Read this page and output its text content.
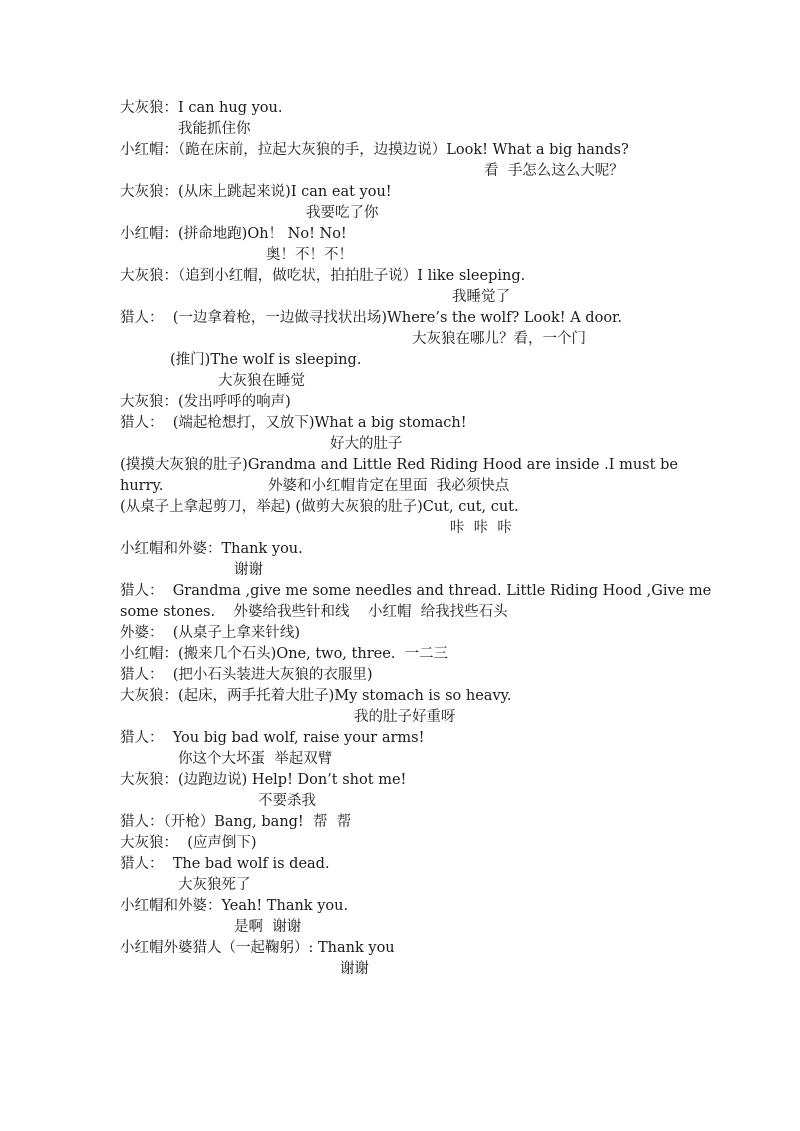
大灰狼：I can hug you.
我能抓住你
小红帽：（跪在床前，拉起大灰狼的手，边摸边说）Look! What a big hands?
看  手怎么这么大呢？
大灰狼：(从床上跳起来说)I can eat you!
我要吃了你
小红帽：(拼命地跑)Oh！ No! No!
奥！不！不！
大灰狼：（追到小红帽，做吃状，拍拍肚子说）I like sleeping.
我睡觉了
猎人：  (一边拿着枪，一边做寻找状出场)Where’s the wolf? Look! A door.
大灰狼在哪儿？看，一个门
(推门)The wolf is sleeping.
大灰狼在睡觉
大灰狼：(发出呼呼的响声)
猎人：  (端起枪想打，又放下)What a big stomach!
好大的肚子
(摸摸大灰狼的肚子)Grandma and Little Red Riding Hood are inside .I must be
hurry.	外婆和小红帽肯定在里面  我必须快点
(从桌子上拿起剪刀，举起) (做剪大灰狼的肚子)Cut, cut, cut.
咔  咔  咔
小红帽和外婆：Thank you.
谢谢
猎人：  Grandma ,give me some needles and thread. Little Riding Hood ,Give me
some stones.    外婆给我些针和线    小红帽  给我找些石头
外婆：  (从桌子上拿来针线)
小红帽：(搬来几个石头)One, two, three.  一二三
猎人：  (把小石头装进大灰狼的衣服里)
大灰狼：(起床，两手托着大肚子)My stomach is so heavy.
我的肚子好重呀
猎人：  You big bad wolf, raise your arms!
你这个大坏蛋  举起双臂
大灰狼：(边跑边说) Help! Don’t shot me!
不要杀我
猎人：（开枪）Bang, bang!  帮  帮
大灰狼：  (应声倒下)
猎人：  The bad wolf is dead.
大灰狼死了
小红帽和外婆：Yeah! Thank you.
是啊  谢谢
小红帽外婆猎人（一起鞠躬）: Thank you
谢谢
